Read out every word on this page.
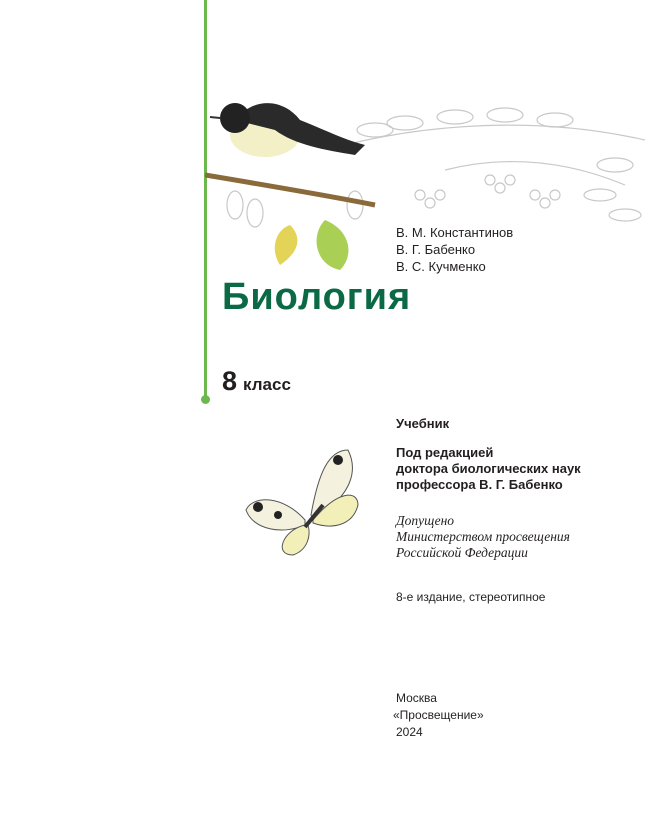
В. М. Константинов
В. Г. Бабенко
В. С. Кучменко
Биология
8 класс
Учебник
Под редакцией
доктора биологических наук
профессора В. Г. Бабенко
Допущено
Министерством просвещения
Российской Федерации
8-е издание, стереотипное
Москва
«Просвещение»
2024
